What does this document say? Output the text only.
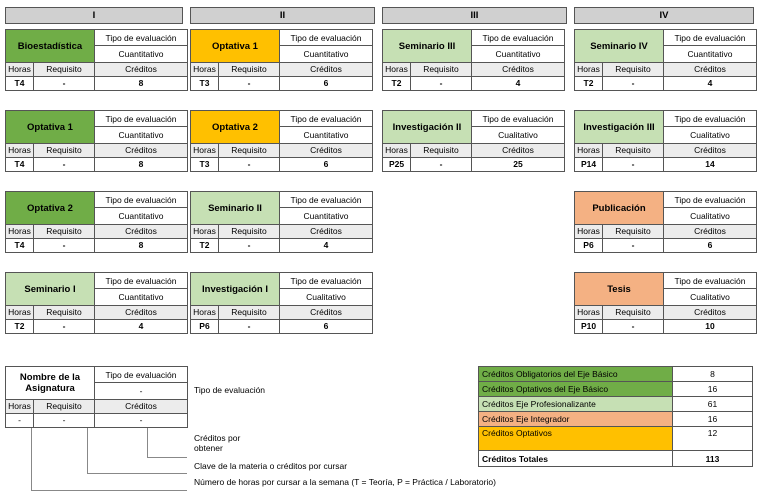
I	II	III	IV
Bioestadística
Tipo de evaluación
Cuantitativo
Horas	Requisito	Créditos
T4	-	8
Optativa 1
Tipo de evaluación
Cuantitativo
Horas	Requisito	Créditos
T4	-	8
Optativa 2
Tipo de evaluación
Cuantitativo
Horas	Requisito	Créditos
T4	-	8
Seminario I
Tipo de evaluación
Cuantitativo
Horas	Requisito	Créditos
T2	-	4
Optativa 1
Tipo de evaluación
Cuantitativo
Horas	Requisito	Créditos
T3	-	6
Optativa 2
Tipo de evaluación
Cuantitativo
Horas	Requisito	Créditos
T3	-	6
Seminario II
Tipo de evaluación
Cuantitativo
Horas	Requisito	Créditos
T2	-	4
Investigación I
Tipo de evaluación
Cualitativo
Horas	Requisito	Créditos
P6	-	6
Seminario III
Tipo de evaluación
Cuantitativo
Horas	Requisito	Créditos
T2	-	4
Investigación II
Tipo de evaluación
Cualitativo
Horas	Requisito	Créditos
P25	-	25
Seminario IV
Tipo de evaluación
Cuantitativo
Horas	Requisito	Créditos
T2	-	4
Investigación III
Tipo de evaluación
Cualitativo
Horas	Requisito	Créditos
P14	-	14
Publicación
Tipo de evaluación
Cualitativo
Horas	Requisito	Créditos
P6	-	6
Tesis
Tipo de evaluación
Cualitativo
Horas	Requisito	Créditos
P10	-	10
Nombre de la Asignatura
Tipo de evaluación
-
Horas	Requisito	Créditos
-	-	-
Tipo de evaluación
Créditos por obtener
Clave de la materia o créditos por cursar
Número de horas por cursar a la semana (T = Teoría, P = Práctica / Laboratorio)
Créditos Obligatorios del Eje Básico	8
Créditos Optativos del Eje Básico	16
Créditos Eje Profesionalizante	61
Créditos Eje Integrador	16
Créditos Optativos	12
Créditos Totales	113
